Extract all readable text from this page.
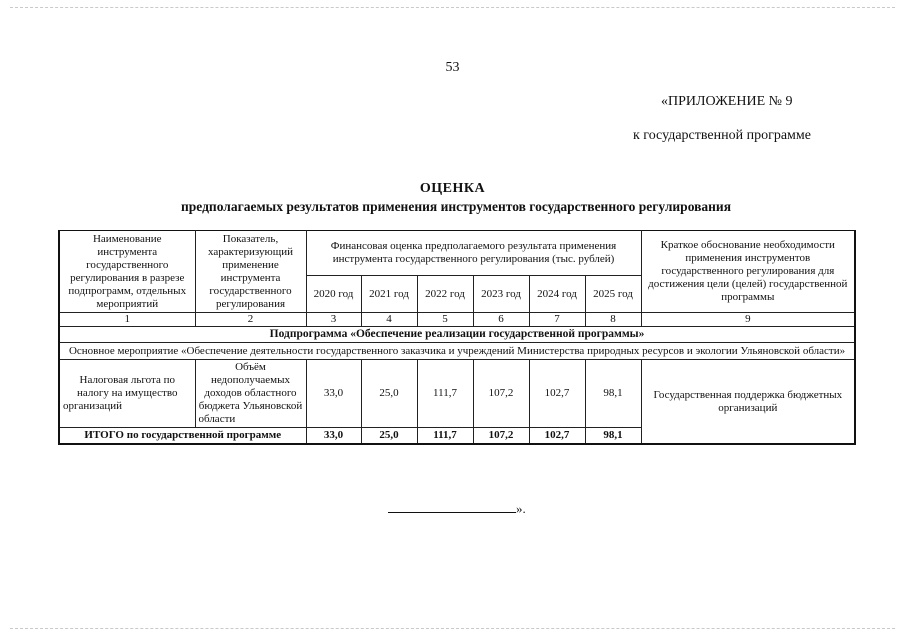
53
«ПРИЛОЖЕНИЕ № 9
к государственной программе
ОЦЕНКА
предполагаемых результатов применения инструментов государственного регулирования
Наименование инструмента государственного регулирования в разрезе подпрограмм, отдельных мероприятий	Показатель, характеризующий применение инструмента государственного регулирования	Финансовая оценка предполагаемого результата применения инструмента государственного регулирования (тыс. рублей)						Краткое обоснование необходимости применения инструментов государственного регулирования для достижения цели (целей) государственной программы
		2020 год	2021 год	2022 год	2023 год	2024 год	2025 год	
1	2	3	4	5	6	7	8	9
Подпрограмма «Обеспечение реализации государственной программы»								
Основное мероприятие «Обеспечение деятельности государственного заказчика и учреждений Министерства природных ресурсов и экологии Ульяновской области»								
Налоговая льгота по налогу на имущество организаций	Объём недополучаемых доходов областного бюджета Ульяновской области	33,0	25,0	111,7	107,2	102,7	98,1	Государственная поддержка бюджетных организаций
ИТОГО по государственной программе		33,0	25,0	111,7	107,2	102,7	98,1	
».
